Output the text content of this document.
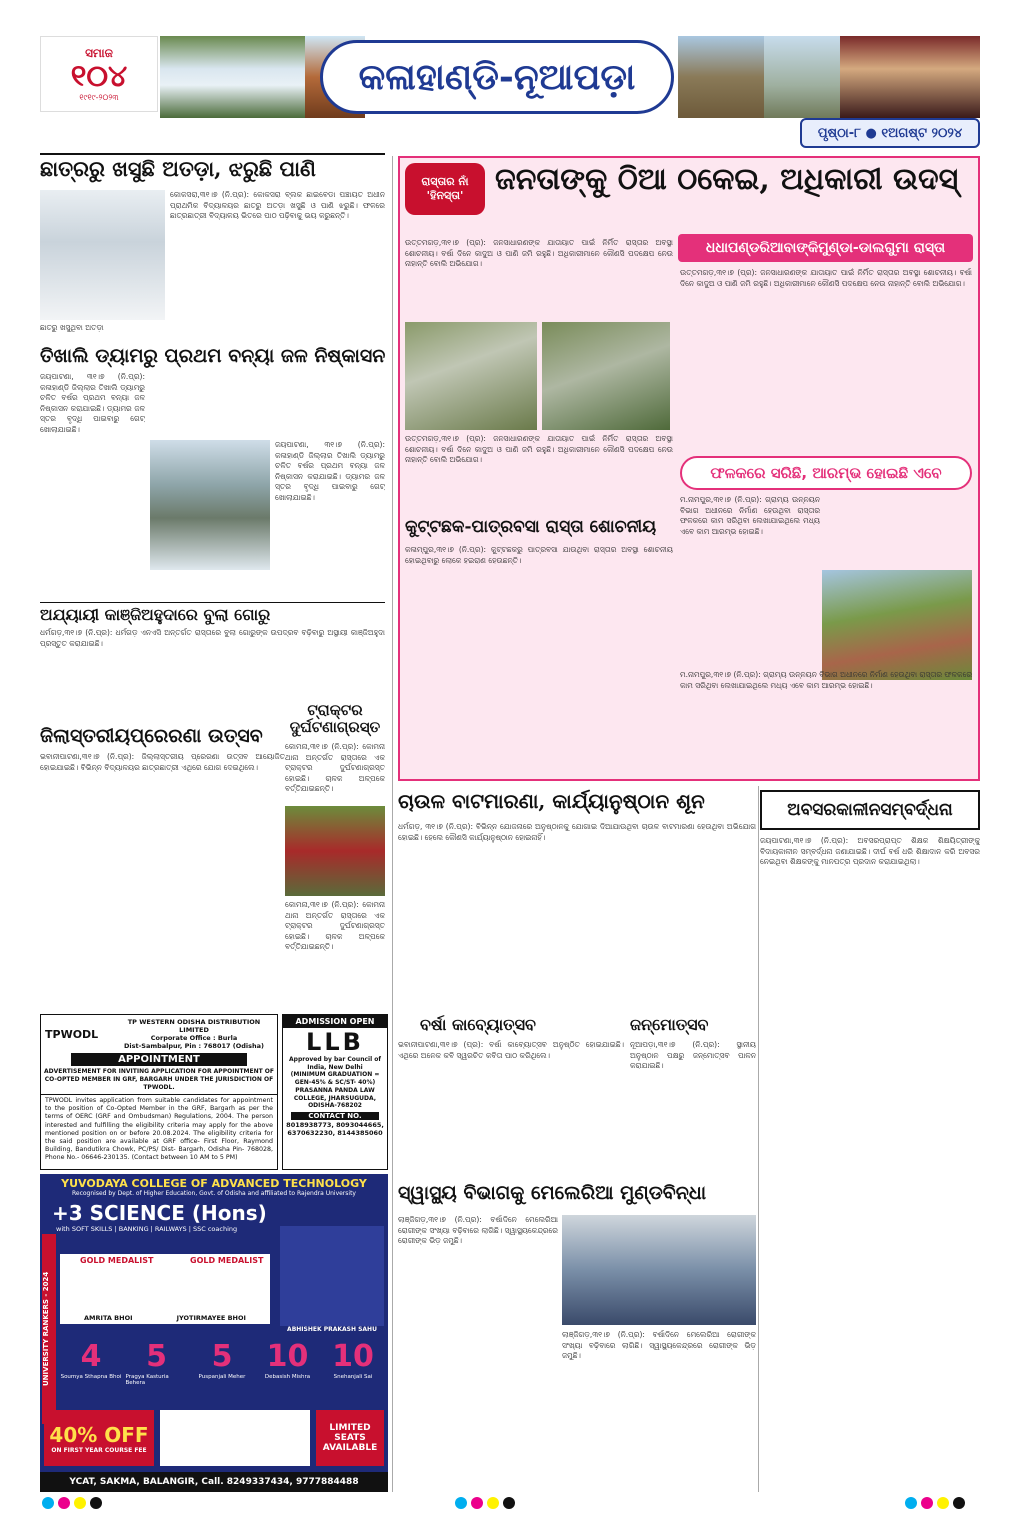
ସମାଜ
୧୦୪
୧୯୧୯-୨୦୨୩	କଳାହାଣ୍ଡି-ନୂଆପଡ଼ା
ପୃଷ୍ଠା-୮ ● ୧ଅଗଷ୍ଟ ୨୦୨୪
ଛାତ୍ରରୁ ଖସୁଛି ଅତଡ଼ା, ଝରୁଛି ପାଣି
କୋକସରା,୩୧।୭ (ନି.ପ୍ର): କୋକସରା ବ୍ଲକ ଛାଇବେଡା ପଞ୍ଚାୟତ ଅଧୀନ ପ୍ରାଥମିକ ବିଦ୍ୟାଳୟର ଛାତରୁ ଅତଡ଼ା ଖସୁଛି ଓ ପାଣି ଝରୁଛି। ଫଳରେ ଛାତ୍ରଛାତ୍ରୀ ବିଦ୍ୟାଳୟ ଭିତରେ ପାଠ ପଢ଼ିବାକୁ ଭୟ କରୁଛନ୍ତି।
ଛାତରୁ ଖସୁଥିବା ଅତଡ଼ା
ତିଖାଲି ଡ୍ୟାମରୁ ପ୍ରଥମ ବନ୍ୟା ଜଳ ନିଷ୍କାସନ
ଜୟପାଟଣା, ୩୧।୭ (ନି.ପ୍ର): କଳାହାଣ୍ଡି ଜିଲ୍ଲାର ତିଖାଲି ଡ୍ୟାମରୁ ଚଳିତ ବର୍ଷର ପ୍ରଥମ ବନ୍ୟା ଜଳ ନିଷ୍କାସନ କରାଯାଇଛି। ଡ୍ୟାମର ଜଳ ସ୍ତର ବୃଦ୍ଧି ପାଇବାରୁ ଗେଟ୍ ଖୋଲାଯାଇଛି।
ଜୟପାଟଣା, ୩୧।୭ (ନି.ପ୍ର): କଳାହାଣ୍ଡି ଜିଲ୍ଲାର ତିଖାଲି ଡ୍ୟାମରୁ ଚଳିତ ବର୍ଷର ପ୍ରଥମ ବନ୍ୟା ଜଳ ନିଷ୍କାସନ କରାଯାଇଛି। ଡ୍ୟାମର ଜଳ ସ୍ତର ବୃଦ୍ଧି ପାଇବାରୁ ଗେଟ୍ ଖୋଲାଯାଇଛି।
ଅଯ୍ୟାୟୀ କାଞ୍ଜିଅହୁଦାରେ ବୁଲା ଗୋରୁ
ଧର୍ମଗଡ଼,୩୧।୭ (ନି.ପ୍ର): ଧର୍ମଗଡ଼ ଏନଏସି ଅନ୍ତର୍ଗତ ରାସ୍ତାରେ ବୁଲା ଗୋରୁଙ୍କ ଉପଦ୍ରବ ବଢ଼ିବାରୁ ଅସ୍ଥାୟୀ କାଞ୍ଜିଅହୁଦା ପ୍ରସ୍ତୁତ କରାଯାଇଛି।
ଟ୍ରାକ୍ଟର ଦୁର୍ଘଟଣାଗ୍ରସ୍ତ
କୋମନା,୩୧।୭ (ନି.ପ୍ର): କୋମନା ଥାନା ଅନ୍ତର୍ଗତ ରାସ୍ତାରେ ଏକ ଟ୍ରାକ୍ଟର ଦୁର୍ଘଟଣାଗ୍ରସ୍ତ ହୋଇଛି। ଚାଳକ ଅଳ୍ପକେ ବର୍ତ୍ତିଯାଇଛନ୍ତି।
ଜିଲାସ୍ତରୀୟପ୍ରେରଣା ଉତ୍ସବ
ଭବାନୀପାଟଣା,୩୧।୭ (ନି.ପ୍ର): ଜିଲ୍ଲାସ୍ତରୀୟ ପ୍ରେରଣା ଉତ୍ସବ ଆୟୋଜିତ ହୋଇଯାଇଛି। ବିଭିନ୍ନ ବିଦ୍ୟାଳୟର ଛାତ୍ରଛାତ୍ରୀ ଏଥିରେ ଯୋଗ ଦେଇଥିଲେ।
କୋମନା,୩୧।୭ (ନି.ପ୍ର): କୋମନା ଥାନା ଅନ୍ତର୍ଗତ ରାସ୍ତାରେ ଏକ ଟ୍ରାକ୍ଟର ଦୁର୍ଘଟଣାଗ୍ରସ୍ତ ହୋଇଛି। ଚାଳକ ଅଳ୍ପକେ ବର୍ତ୍ତିଯାଇଛନ୍ତି।
TPWODL
TP WESTERN ODISHA DISTRIBUTION LIMITED
Corporate Office : Burla
Dist-Sambalpur, Pin : 768017 (Odisha)
APPOINTMENT
ADVERTISEMENT FOR INVITING APPLICATION FOR APPOINTMENT OF CO-OPTED MEMBER IN GRF, BARGARH UNDER THE JURISDICTION OF TPWODL.
TPWODL invites application from suitable candidates for appointment to the position of Co-Opted Member in the GRF, Bargarh as per the terms of OERC (GRF and Ombudsman) Regulations, 2004. The person interested and fulfilling the eligibility criteria may apply for the above mentioned position on or before 20.08.2024. The eligibility criteria for the said position are available at GRF office- First Floor, Raymond Building, Bandutikra Chowk, PC/PS/ Dist- Bargarh, Odisha Pin- 768028, Phone No.- 06646-230135. (Contact between 10 AM to 5 PM)
ADMISSION OPEN
LLB
Approved by bar Council of India, New Delhi
(MINIMUM GRADUATION = GEN-45% & SC/ST- 40%)
PRASANNA PANDA LAW COLLEGE, JHARSUGUDA, ODISHA-768202
CONTACT NO.
8018938773, 8093044665, 6370632230, 8144385060
YUVODAYA COLLEGE OF ADVANCED TECHNOLOGY
Recognised by Dept. of Higher Education, Govt. of Odisha and affiliated to Rajendra University
+3 SCIENCE (Hons)
with SOFT SKILLS | BANKING | RAILWAYS | SSC coaching
UNIVERSITY RANKERS - 2024	AMRITA BHOI	JYOTIRMAYEE BHOI
GOLD MEDALIST	GOLD MEDALIST
ABHISHEK PRAKASH SAHU
4
Soumya Sthapna Bhoi
5
Pragya Kasturia Behera
5
Puspanjali Meher
10
Debasish Mishra
10
Snehanjali Sai
40% OFF
ON FIRST YEAR COURSE FEE
LIMITED SEATS AVAILABLE
YCAT, SAKMA, BALANGIR, Call. 8249337434, 9777884488
ରାସ୍ତାର ନାଁ 'ହିନସ୍ତା'	ଜନତାଙ୍କୁ ଠିଆ ଠକେଇ, ଅଧିକାରୀ ଉଦସ୍
ଧଧାପଣ୍ଡରିଆବାଙ୍କିମୁଣ୍ଡା-ଡାଲଗୁମା ରାସ୍ତା
ଉତ୍ତମଗଡ଼,୩୧।୭ (ପ୍ର): ଜନସାଧାରଣଙ୍କ ଯାତାୟାତ ପାଇଁ ନିର୍ମିତ ରାସ୍ତାର ଅବସ୍ଥା ଶୋଚନୀୟ। ବର୍ଷା ଦିନେ କାଦୁଅ ଓ ପାଣି ଜମି ରହୁଛି। ଅଧିକାରୀମାନେ କୌଣସି ପଦକ୍ଷେପ ନେଉ ନାହାନ୍ତି ବୋଲି ଅଭିଯୋଗ।
ଉତ୍ତମଗଡ଼,୩୧।୭ (ପ୍ର): ଜନସାଧାରଣଙ୍କ ଯାତାୟାତ ପାଇଁ ନିର୍ମିତ ରାସ୍ତାର ଅବସ୍ଥା ଶୋଚନୀୟ। ବର୍ଷା ଦିନେ କାଦୁଅ ଓ ପାଣି ଜମି ରହୁଛି। ଅଧିକାରୀମାନେ କୌଣସି ପଦକ୍ଷେପ ନେଉ ନାହାନ୍ତି ବୋଲି ଅଭିଯୋଗ।
ଉତ୍ତମଗଡ଼,୩୧।୭ (ପ୍ର): ଜନସାଧାରଣଙ୍କ ଯାତାୟାତ ପାଇଁ ନିର୍ମିତ ରାସ୍ତାର ଅବସ୍ଥା ଶୋଚନୀୟ। ବର୍ଷା ଦିନେ କାଦୁଅ ଓ ପାଣି ଜମି ରହୁଛି। ଅଧିକାରୀମାନେ କୌଣସି ପଦକ୍ଷେପ ନେଉ ନାହାନ୍ତି ବୋଲି ଅଭିଯୋଗ।
ଫଳକରେ ସରିଛି, ଆରମ୍ଭ ହୋଇଛି ଏବେ
ମ.ନାମପୁର,୩୧।୭ (ନି.ପ୍ର): ଗ୍ରାମ୍ୟ ଉନ୍ନୟନ ବିଭାଗ ଅଧୀନରେ ନିର୍ମାଣ ହେଉଥିବା ରାସ୍ତାର ଫଳକରେ କାମ ସରିଥିବା ଲେଖାଯାଇଥିଲେ ମଧ୍ୟ ଏବେ କାମ ଆରମ୍ଭ ହୋଇଛି।
ମ.ନାମପୁର,୩୧।୭ (ନି.ପ୍ର): ଗ୍ରାମ୍ୟ ଉନ୍ନୟନ ବିଭାଗ ଅଧୀନରେ ନିର୍ମାଣ ହେଉଥିବା ରାସ୍ତାର ଫଳକରେ କାମ ସରିଥିବା ଲେଖାଯାଇଥିଲେ ମଧ୍ୟ ଏବେ କାମ ଆରମ୍ଭ ହୋଇଛି।
କୁଟ୍ଟଛକ-ପାତ୍ରବସା ରାସ୍ତା ଶୋଚନୀୟ
କଳାମ୍ପୁର,୩୧।୭ (ନି.ପ୍ର): କୁଟ୍ଟଛକରୁ ପାତ୍ରବସା ଯାଉଥିବା ରାସ୍ତାର ଅବସ୍ଥା ଶୋଚନୀୟ ହୋଇଥିବାରୁ ଲୋକେ ହଇରାଣ ହେଉଛନ୍ତି।
ଚାଉଳ ବାଟମାରଣା, କାର୍ଯ୍ୟାନୁଷ୍ଠାନ ଶୂନ
ଧର୍ମଗଡ଼, ୩୧।୭ (ନି.ପ୍ର): ବିଭିନ୍ନ ଯୋଜନାରେ ଅନୁଷ୍ଠାନକୁ ଯୋଗାଇ ଦିଆଯାଉଥିବା ଚାଉଳ ବାଟମାରଣା ହେଉଥିବା ଅଭିଯୋଗ ହୋଇଛି। ହେଲେ କୌଣସି କାର୍ଯ୍ୟାନୁଷ୍ଠାନ ହୋଇନାହିଁ।
ବର୍ଷା କାବ୍ୟୋତ୍ସବ
ଭବାନୀପାଟଣା,୩୧।୭ (ପ୍ର): ବର୍ଷା କାବ୍ୟୋତ୍ସବ ଅନୁଷ୍ଠିତ ହୋଇଯାଇଛି। ଏଥିରେ ଅନେକ କବି ସ୍ୱରଚିତ କବିତା ପାଠ କରିଥିଲେ।
ଜନ୍ମୋତ୍ସବ
ନୂଆପଡ଼ା,୩୧।୭ (ନି.ପ୍ର): ସ୍ଥାନୀୟ ଅନୁଷ୍ଠାନ ପକ୍ଷରୁ ଜନ୍ମୋତ୍ସବ ପାଳନ କରାଯାଇଛି।
ସ୍ୱାସ୍ଥ୍ୟ ବିଭାଗକୁ ମେଲେରିଆ ମୁଣ୍ଡବିନ୍ଧା
ଲାଞ୍ଜିଗଡ଼,୩୧।୭ (ନି.ପ୍ର): ବର୍ଷାଦିନେ ମେଲେରିଆ ରୋଗୀଙ୍କ ସଂଖ୍ୟା ବଢ଼ିବାରେ ଲାଗିଛି। ସ୍ୱାସ୍ଥ୍ୟକେନ୍ଦ୍ରରେ ରୋଗୀଙ୍କ ଭିଡ଼ ଜମୁଛି।
ଲାଞ୍ଜିଗଡ଼,୩୧।୭ (ନି.ପ୍ର): ବର୍ଷାଦିନେ ମେଲେରିଆ ରୋଗୀଙ୍କ ସଂଖ୍ୟା ବଢ଼ିବାରେ ଲାଗିଛି। ସ୍ୱାସ୍ଥ୍ୟକେନ୍ଦ୍ରରେ ରୋଗୀଙ୍କ ଭିଡ଼ ଜମୁଛି।
ଅବସରକାଳୀନସମ୍ବର୍ଦ୍ଧନା
ଜୟପାଟଣା,୩୧।୭ (ନି.ପ୍ର): ଅବସରପ୍ରାପ୍ତ ଶିକ୍ଷକ ଶିକ୍ଷୟିତ୍ରୀଙ୍କୁ ବିଦାୟକାଳୀନ ସମ୍ବର୍ଦ୍ଧନା ଜଣାଯାଇଛି। ଦୀର୍ଘ ବର୍ଷ ଧରି ଶିକ୍ଷାଦାନ କରି ଅବସର ନେଇଥିବା ଶିକ୍ଷକଙ୍କୁ ମାନପତ୍ର ପ୍ରଦାନ କରାଯାଇଥିଲା।
